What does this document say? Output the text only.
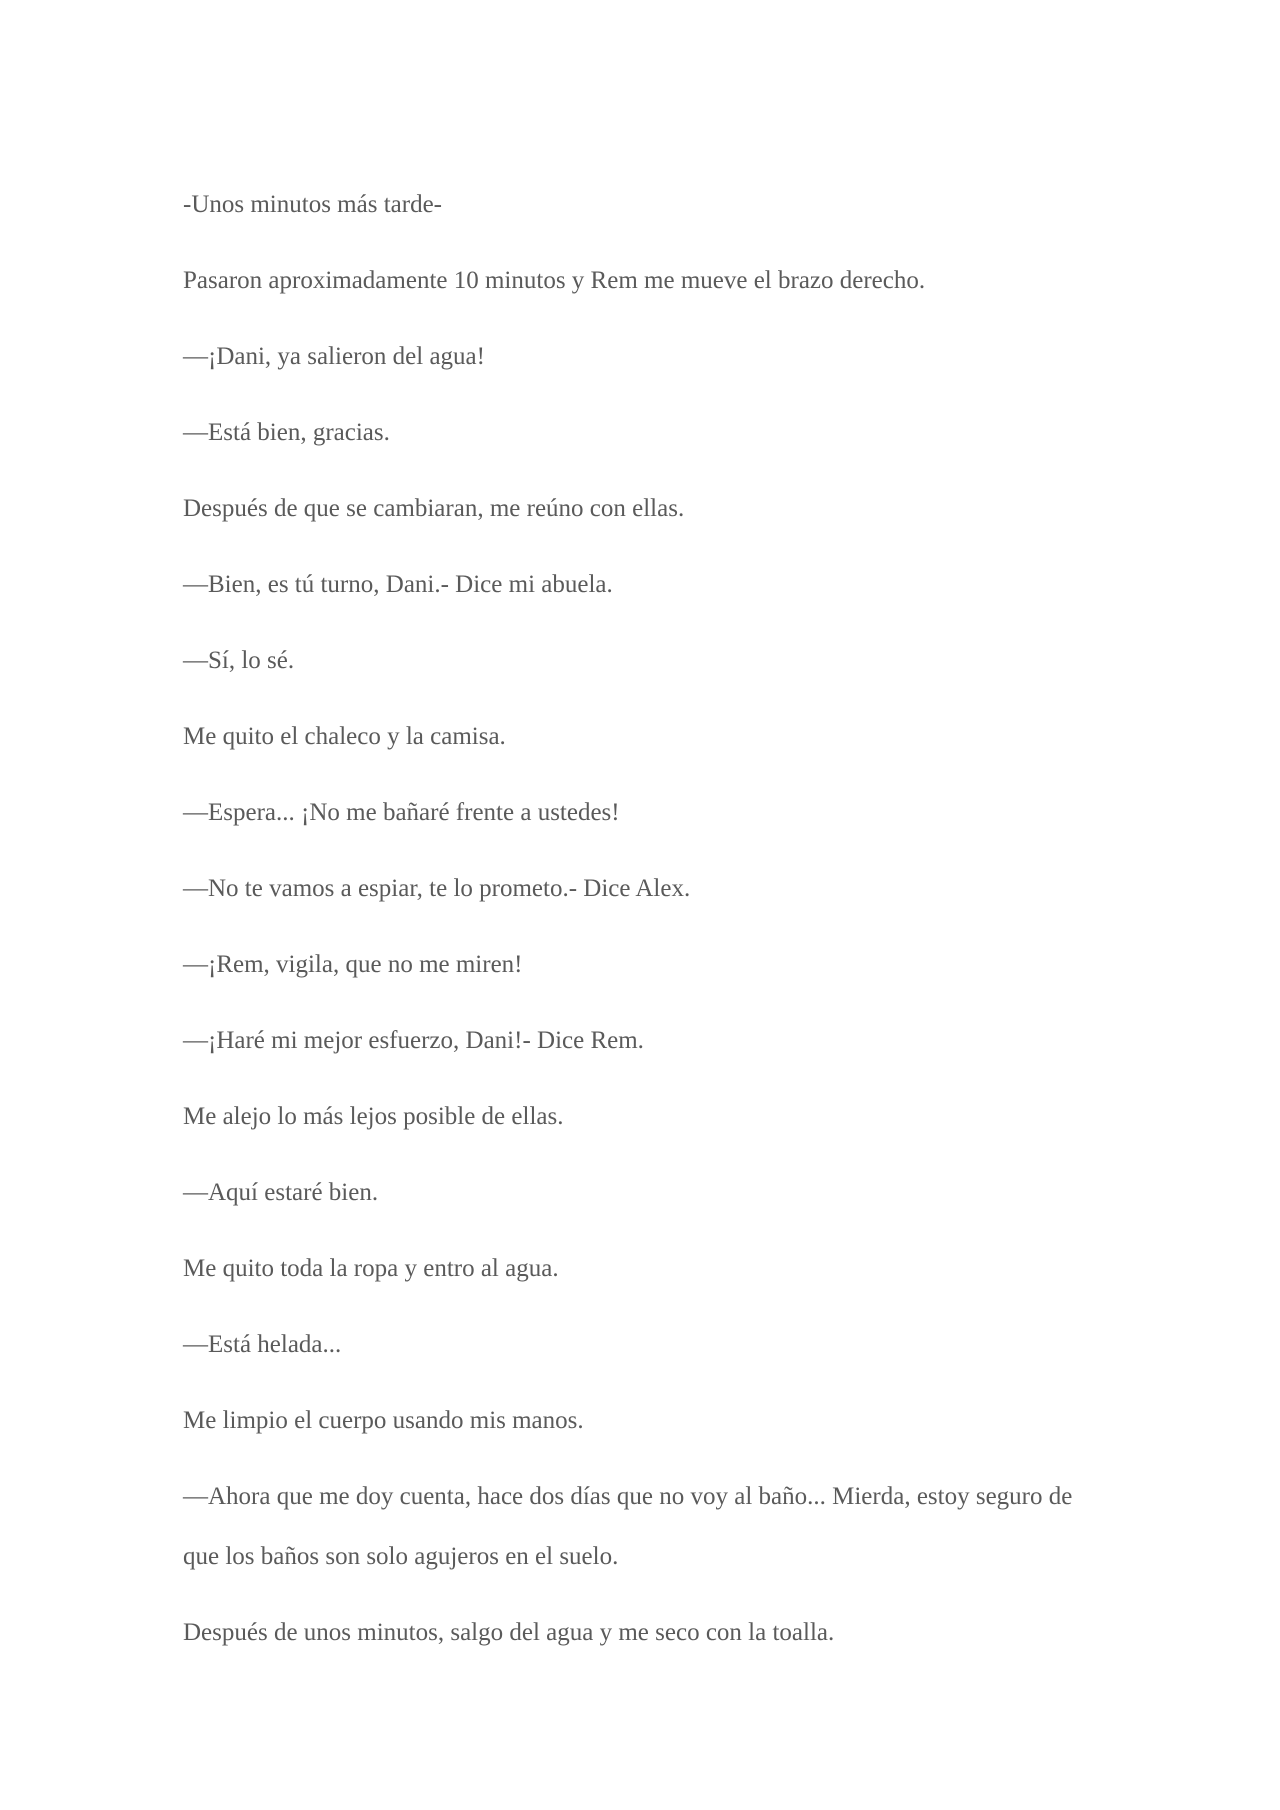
-Unos minutos más tarde-

Pasaron aproximadamente 10 minutos y Rem me mueve el brazo derecho.

—¡Dani, ya salieron del agua!

—Está bien, gracias.

Después de que se cambiaran, me reúno con ellas.

—Bien, es tú turno, Dani.- Dice mi abuela.

—Sí, lo sé.

Me quito el chaleco y la camisa.

—Espera... ¡No me bañaré frente a ustedes!

—No te vamos a espiar, te lo prometo.- Dice Alex.

—¡Rem, vigila, que no me miren!

—¡Haré mi mejor esfuerzo, Dani!- Dice Rem.

Me alejo lo más lejos posible de ellas.

—Aquí estaré bien.

Me quito toda la ropa y entro al agua.

—Está helada...

Me limpio el cuerpo usando mis manos.

—Ahora que me doy cuenta, hace dos días que no voy al baño... Mierda, estoy seguro de que los baños son solo agujeros en el suelo.

Después de unos minutos, salgo del agua y me seco con la toalla.
